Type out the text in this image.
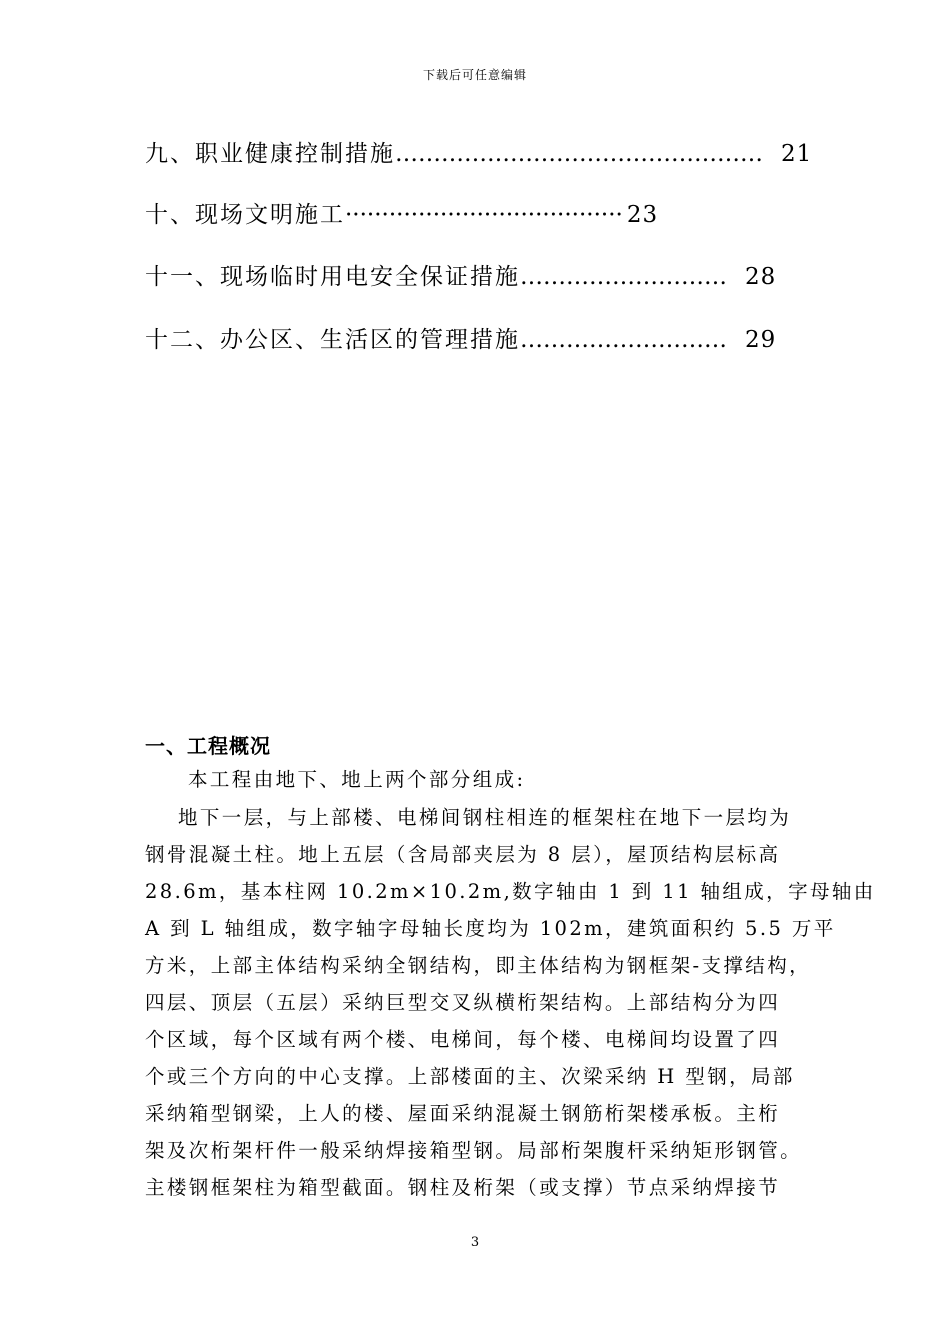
下载后可任意编辑
九、职业健康控制措施 ………………………………………… 21
十、现场文明施工 ······································ 23
十一、现场临时用电安全保证措施 ……………………… 28
十二、办公区、生活区的管理措施 ……………………… 29
一、工程概况
本工程由地下、地上两个部分组成:
地下一层，与上部楼、电梯间钢柱相连的框架柱在地下一层均为
钢骨混凝土柱。地上五层（含局部夹层为 8 层），屋顶结构层标高
28.6m，基本柱网 10.2m×10.2m,数字轴由 1 到 11 轴组成，字母轴由
A 到 L 轴组成，数字轴字母轴长度均为 102m，建筑面积约 5.5 万平
方米，上部主体结构采纳全钢结构，即主体结构为钢框架-支撑结构，
四层、顶层（五层）采纳巨型交叉纵横桁架结构。上部结构分为四
个区域，每个区域有两个楼、电梯间，每个楼、电梯间均设置了四
个或三个方向的中心支撑。上部楼面的主、次梁采纳 H 型钢，局部
采纳箱型钢梁，上人的楼、屋面采纳混凝土钢筋桁架楼承板。主桁
架及次桁架杆件一般采纳焊接箱型钢。局部桁架腹杆采纳矩形钢管。
主楼钢框架柱为箱型截面。钢柱及桁架（或支撑）节点采纳焊接节
3
